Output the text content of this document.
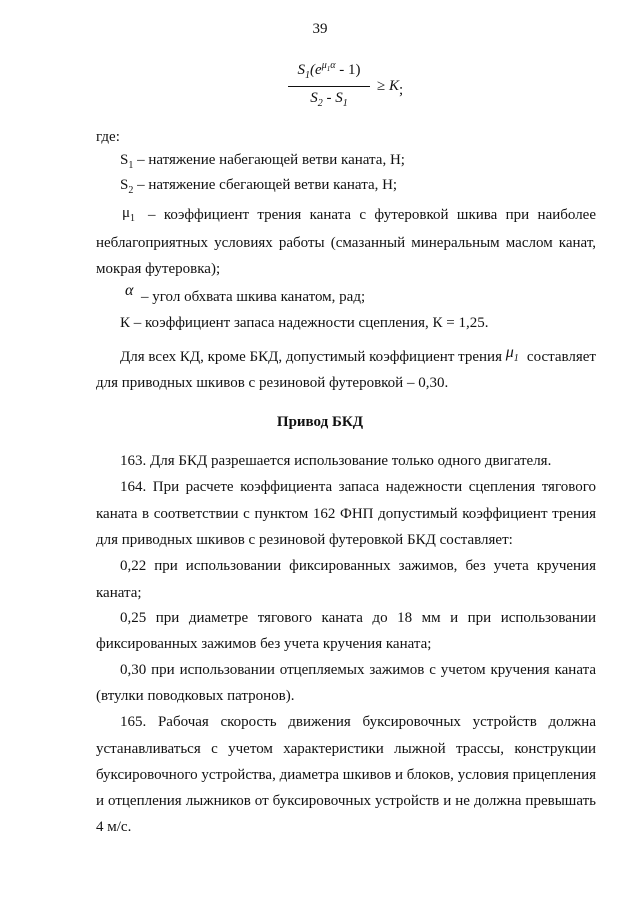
39
$S_1(e^{\mu_1\alpha} - 1)$
$S_2 - S_1$
≥ K;
где:
$S_1$ – натяжение набегающей ветви каната, Н;
$S_2$ – натяжение сбегающей ветви каната, Н;
$\mu_1$ – коэффициент трения каната с футеровкой шкива при наиболее
неблагоприятных условиях работы (смазанный минеральным маслом канат,
мокрая футеровка);
α – угол обхвата шкива канатом, рад;
К – коэффициент запаса надежности сцепления, К = 1,25.
Для всех КД, кроме БКД, допустимый коэффициент трения $\mu_1$ составляет
для приводных шкивов с резиновой футеровкой – 0,30.
Привод БКД
163. Для БКД разрешается использование только одного двигателя.
164. При расчете коэффициента запаса надежности сцепления тягового
каната в соответствии с пунктом 162 ФНП допустимый коэффициент трения
для приводных шкивов с резиновой футеровкой БКД составляет:
0,22 при использовании фиксированных зажимов, без учета кручения
каната;
0,25 при диаметре тягового каната до 18 мм и при использовании
фиксированных зажимов без учета кручения каната;
0,30 при использовании отцепляемых зажимов с учетом кручения каната
(втулки поводковых патронов).
165. Рабочая скорость движения буксировочных устройств должна
устанавливаться с учетом характеристики лыжной трассы, конструкции
буксировочного устройства, диаметра шкивов и блоков, условия прицепления
и отцепления лыжников от буксировочных устройств и не должна превышать
4 м/с.
